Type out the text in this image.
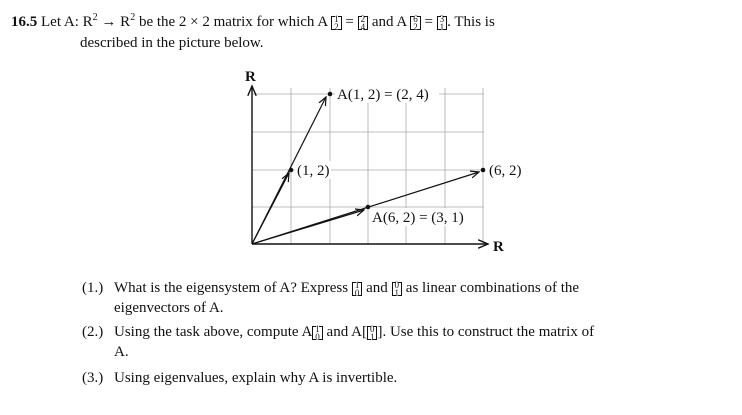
16.5 Let A: $R^2 \to R^2$ be the 2 × 2 matrix for which A 1
2 = 2
4 and A 6
2 = 3
1 . This is
described in the picture below.
R
R
A(1, 2) = (2, 4)
(1, 2)	(6, 2)
A(6, 2) = (3, 1)
(1.) What is the eigensystem of A? Express 1
0 and 0
1 as linear combinations of the
eigenvectors of A.
(2.) Using the task above, compute A 1
0 and A[ 0
1 ]. Use this to construct the matrix of
A.
(3.) Using eigenvalues, explain why A is invertible.
